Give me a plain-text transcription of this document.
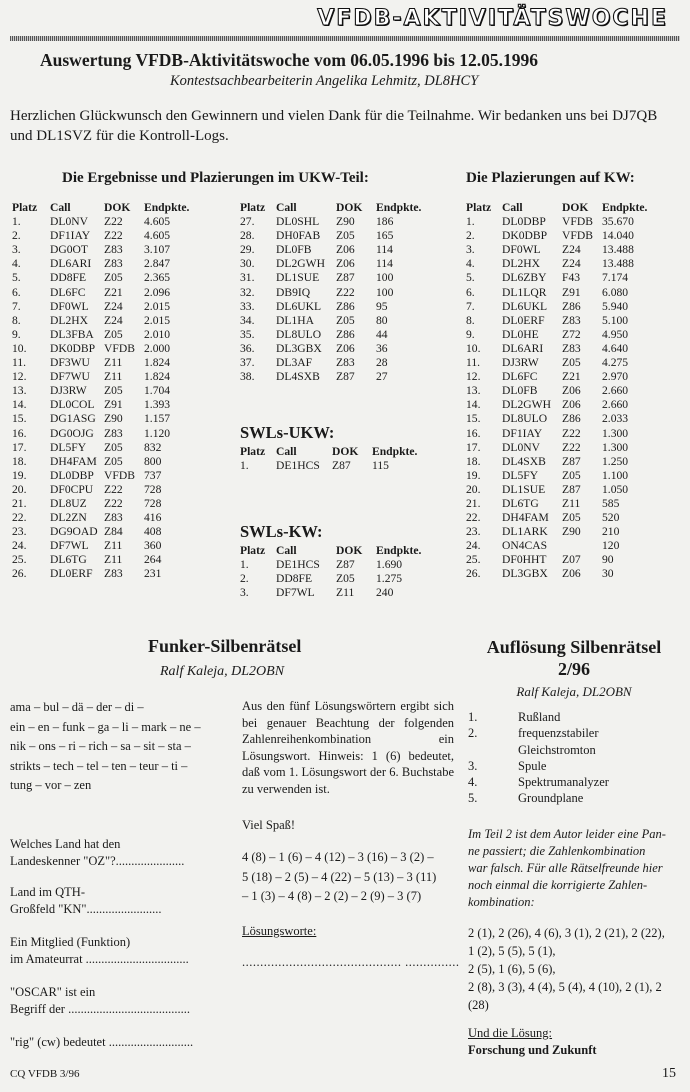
VFDB-AKTIVITÄTSWOCHE
Auswertung VFDB-Aktivitätswoche vom 06.05.1996 bis 12.05.1996
Kontestsachbearbeiterin Angelika Lehmitz, DL8HCY
Herzlichen Glückwunsch den Gewinnern und vielen Dank für die Teilnahme. Wir bedanken uns bei DJ7QB und DL1SVZ für die Kontroll-Logs.
Die Ergebnisse und Plazierungen im UKW-Teil:
Platz	Call	DOK	Endpkte.
1.	DL0NV	Z22	4.605
2.	DF1IAY	Z22	4.605
3.	DG0OT	Z83	3.107
4.	DL6ARI	Z83	2.847
5.	DD8FE	Z05	2.365
6.	DL6FC	Z21	2.096
7.	DF0WL	Z24	2.015
8.	DL2HX	Z24	2.015
9.	DL3FBA	Z05	2.010
10.	DK0DBP	VFDB	2.000
11.	DF3WU	Z11	1.824
12.	DF7WU	Z11	1.824
13.	DJ3RW	Z05	1.704
14.	DL0COL	Z91	1.393
15.	DG1ASG	Z90	1.157
16.	DG0OJG	Z83	1.120
17.	DL5FY	Z05	832
18.	DH4FAM	Z05	800
19.	DL0DBP	VFDB	737
20.	DF0CPU	Z22	728
21.	DL8UZ	Z22	728
22.	DL2ZN	Z83	416
23.	DG9OAD	Z84	408
24.	DF7WL	Z11	360
25.	DL6TG	Z11	264
26.	DL0ERF	Z83	231
Platz	Call	DOK	Endpkte.
27.	DL0SHL	Z90	186
28.	DH0FAB	Z05	165
29.	DL0FB	Z06	114
30.	DL2GWH	Z06	114
31.	DL1SUE	Z87	100
32.	DB9IQ	Z22	100
33.	DL6UKL	Z86	95
34.	DL1HA	Z05	80
35.	DL8ULO	Z86	44
36.	DL3GBX	Z06	36
37.	DL3AF	Z83	28
38.	DL4SXB	Z87	27
SWLs-UKW:
Platz	Call	DOK	Endpkte.
1.	DE1HCS	Z87	115
SWLs-KW:
Platz	Call	DOK	Endpkte.
1.	DE1HCS	Z87	1.690
2.	DD8FE	Z05	1.275
3.	DF7WL	Z11	240
Die Plazierungen auf KW:
Platz	Call	DOK	Endpkte.
1.	DL0DBP	VFDB	35.670
2.	DK0DBP	VFDB	14.040
3.	DF0WL	Z24	13.488
4.	DL2HX	Z24	13.488
5.	DL6ZBY	F43	7.174
6.	DL1LQR	Z91	6.080
7.	DL6UKL	Z86	5.940
8.	DL0ERF	Z83	5.100
9.	DL0HE	Z72	4.950
10.	DL6ARI	Z83	4.640
11.	DJ3RW	Z05	4.275
12.	DL6FC	Z21	2.970
13.	DL0FB	Z06	2.660
14.	DL2GWH	Z06	2.660
15.	DL8ULO	Z86	2.033
16.	DF1IAY	Z22	1.300
17.	DL0NV	Z22	1.300
18.	DL4SXB	Z87	1.250
19.	DL5FY	Z05	1.100
20.	DL1SUE	Z87	1.050
21.	DL6TG	Z11	585
22.	DH4FAM	Z05	520
23.	DL1ARK	Z90	210
24.	ON4CAS		120
25.	DF0HHT	Z07	90
26.	DL3GBX	Z06	30
Funker-Silbenrätsel
Ralf Kaleja, DL2OBN
ama – bul – dä – der – di –
ein – en – funk – ga – li – mark – ne –
nik – ons – ri – rich – sa – sit – sta –
strikts – tech – tel – ten – teur – ti –
tung – vor – zen
Welches Land hat den
Landeskenner "OZ"?......................
Land im QTH-
Großfeld "KN"........................
Ein Mitglied (Funktion)
im Amateurrat .................................
"OSCAR" ist ein
Begriff der .......................................
"rig" (cw) bedeutet ...........................
Aus den fünf Lösungswörtern ergibt sich bei genauer Beachtung der folgenden Zahlenreihenkombination ein Lösungswort. Hinweis: 1 (6) bedeutet, daß vom 1. Lösungswort der 6. Buchstabe zu verwenden ist.
Viel Spaß!
4 (8) – 1 (6) – 4 (12) – 3 (16) – 3 (2) –
5 (18) – 2 (5) – 4 (22) – 5 (13) – 3 (11)
– 1 (3) – 4 (8) – 2 (2) – 2 (9) – 3 (7)
Lösungsworte:
............................................ ...............
Auflösung Silbenrätsel
2/96
Ralf Kaleja, DL2OBN
1.	Rußland
2.	frequenzstabiler
Gleichstromton
3.	Spule
4.	Spektrumanalyzer
5.	Groundplane
Im Teil 2 ist dem Autor leider eine Pan-
ne passiert; die Zahlenkombination
war falsch. Für alle Rätselfreunde hier
noch einmal die korrigierte Zahlen-
kombination:
2 (1), 2 (26), 4 (6), 3 (1), 2 (21), 2 (22),
1 (2), 5 (5), 5 (1),
2 (5), 1 (6), 5 (6),
2 (8), 3 (3), 4 (4), 5 (4), 4 (10), 2 (1), 2
(28)
Und die Lösung:
Forschung und Zukunft
CQ VFDB 3/96	15
